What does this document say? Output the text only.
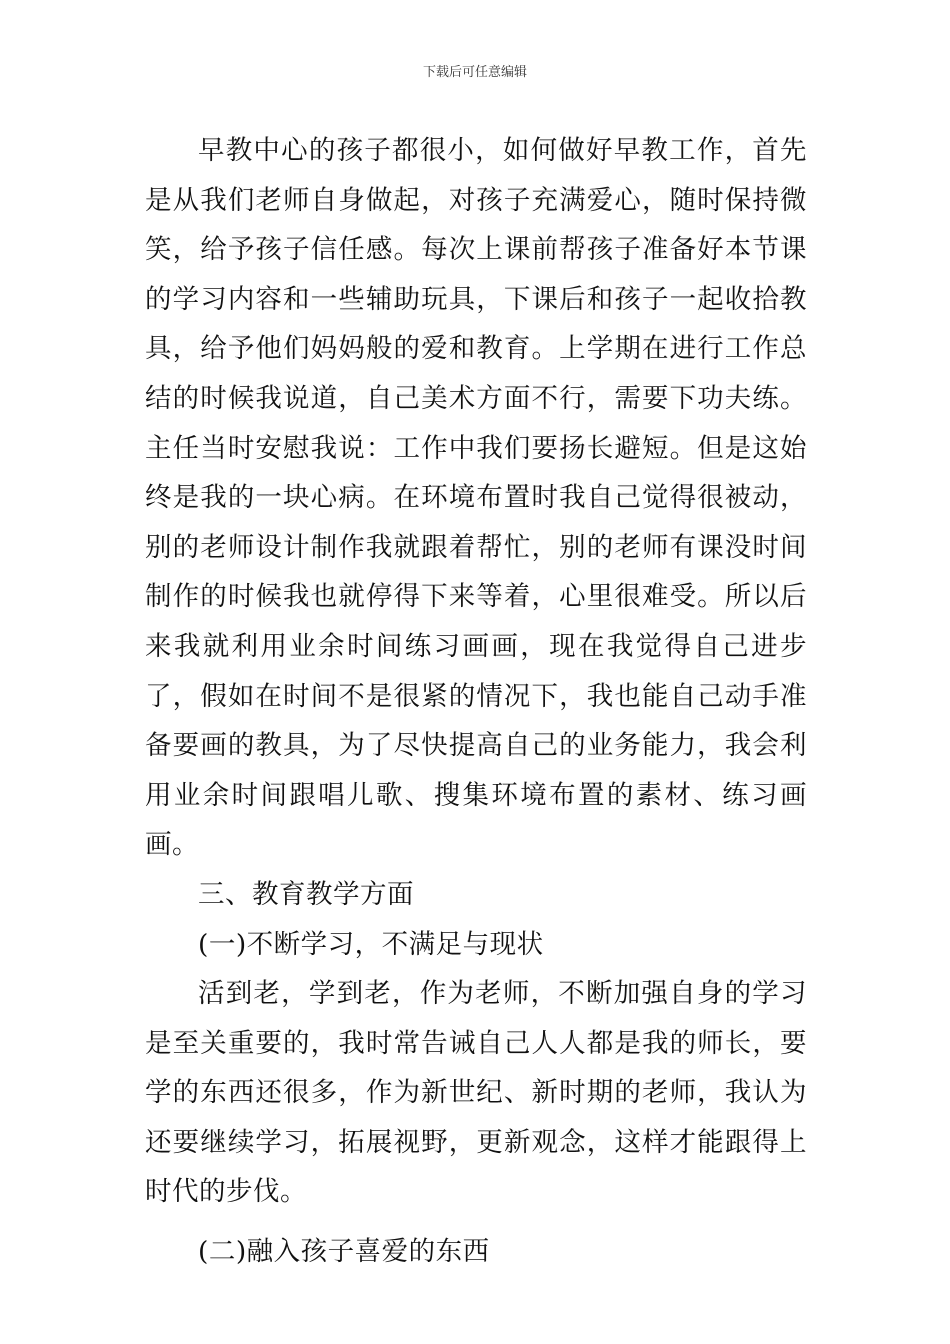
下载后可任意编辑

早教中心的孩子都很小，如何做好早教工作，首先是从我们老师自身做起，对孩子充满爱心，随时保持微笑，给予孩子信任感。每次上课前帮孩子准备好本节课的学习内容和一些辅助玩具，下课后和孩子一起收拾教具，给予他们妈妈般的爱和教育。上学期在进行工作总结的时候我说道，自己美术方面不行，需要下功夫练。主任当时安慰我说：工作中我们要扬长避短。但是这始终是我的一块心病。在环境布置时我自己觉得很被动，别的老师设计制作我就跟着帮忙，别的老师有课没时间制作的时候我也就停得下来等着，心里很难受。所以后来我就利用业余时间练习画画，现在我觉得自己进步了，假如在时间不是很紧的情况下，我也能自己动手准备要画的教具，为了尽快提高自己的业务能力，我会利用业余时间跟唱儿歌、搜集环境布置的素材、练习画画。

三、教育教学方面

(一)不断学习，不满足与现状

活到老，学到老，作为老师，不断加强自身的学习是至关重要的，我时常告诫自己人人都是我的师长，要学的东西还很多，作为新世纪、新时期的老师，我认为还要继续学习，拓展视野，更新观念，这样才能跟得上时代的步伐。

(二)融入孩子喜爱的东西
